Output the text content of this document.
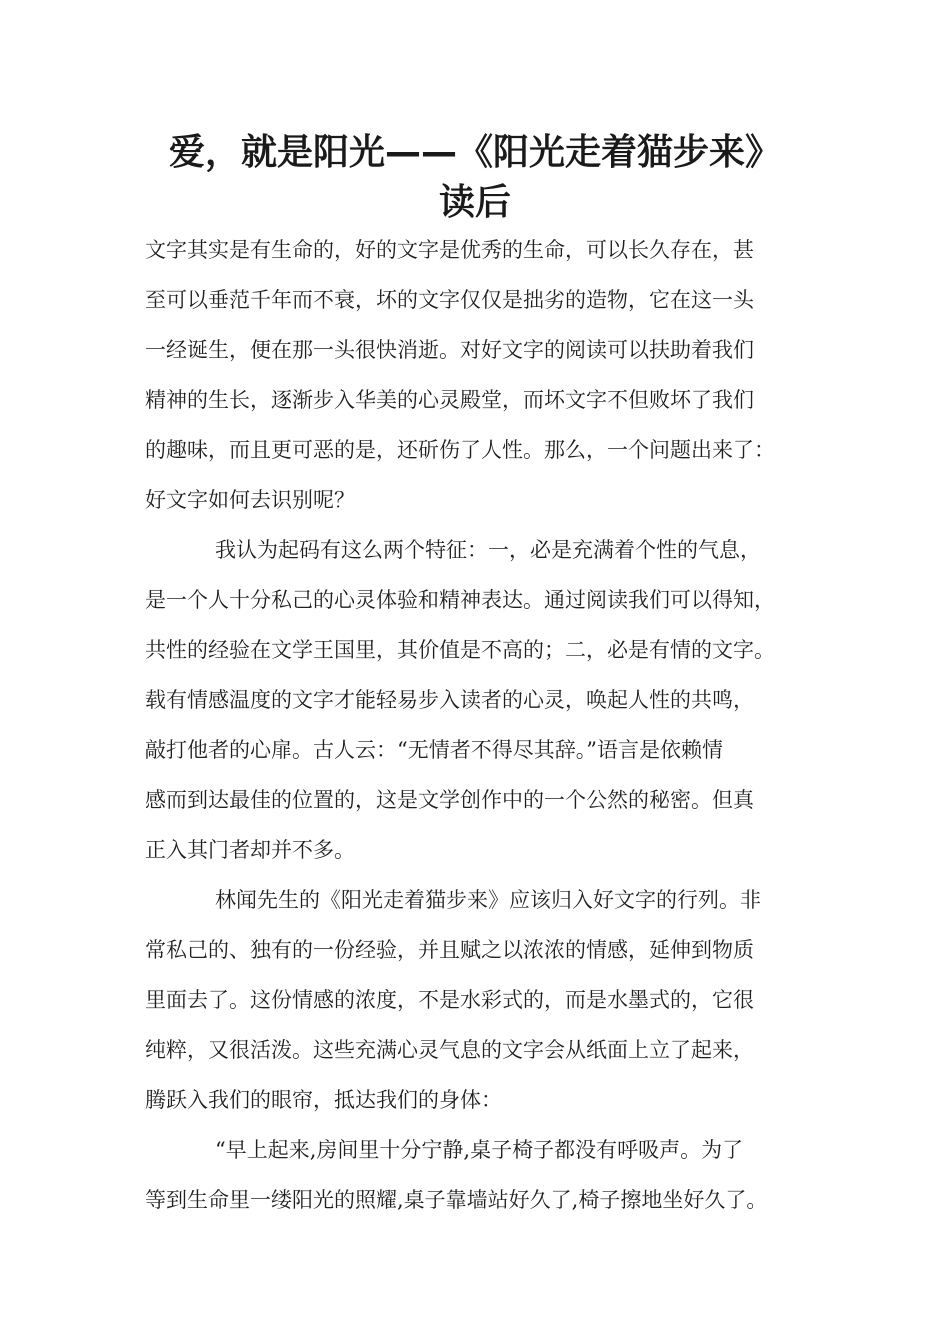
爱，就是阳光——《阳光走着猫步来》
读后
文字其实是有生命的，好的文字是优秀的生命，可以长久存在，甚
至可以垂范千年而不衰，坏的文字仅仅是拙劣的造物，它在这一头
一经诞生，便在那一头很快消逝。对好文字的阅读可以扶助着我们
精神的生长，逐渐步入华美的心灵殿堂，而坏文字不但败坏了我们
的趣味，而且更可恶的是，还斫伤了人性。那么，一个问题出来了：
好文字如何去识别呢？
我认为起码有这么两个特征：一，必是充满着个性的气息，
是一个人十分私己的心灵体验和精神表达。通过阅读我们可以得知，
共性的经验在文学王国里，其价值是不高的；二，必是有情的文字。
载有情感温度的文字才能轻易步入读者的心灵，唤起人性的共鸣，
敲打他者的心扉。古人云：“无情者不得尽其辞。”语言是依赖情
感而到达最佳的位置的，这是文学创作中的一个公然的秘密。但真
正入其门者却并不多。
林闻先生的《阳光走着猫步来》应该归入好文字的行列。非
常私己的、独有的一份经验，并且赋之以浓浓的情感，延伸到物质
里面去了。这份情感的浓度，不是水彩式的，而是水墨式的，它很
纯粹，又很活泼。这些充满心灵气息的文字会从纸面上立了起来，
腾跃入我们的眼帘，抵达我们的身体：
“早上起来,房间里十分宁静,桌子椅子都没有呼吸声。为了
等到生命里一缕阳光的照耀,桌子靠墙站好久了,椅子擦地坐好久了。
